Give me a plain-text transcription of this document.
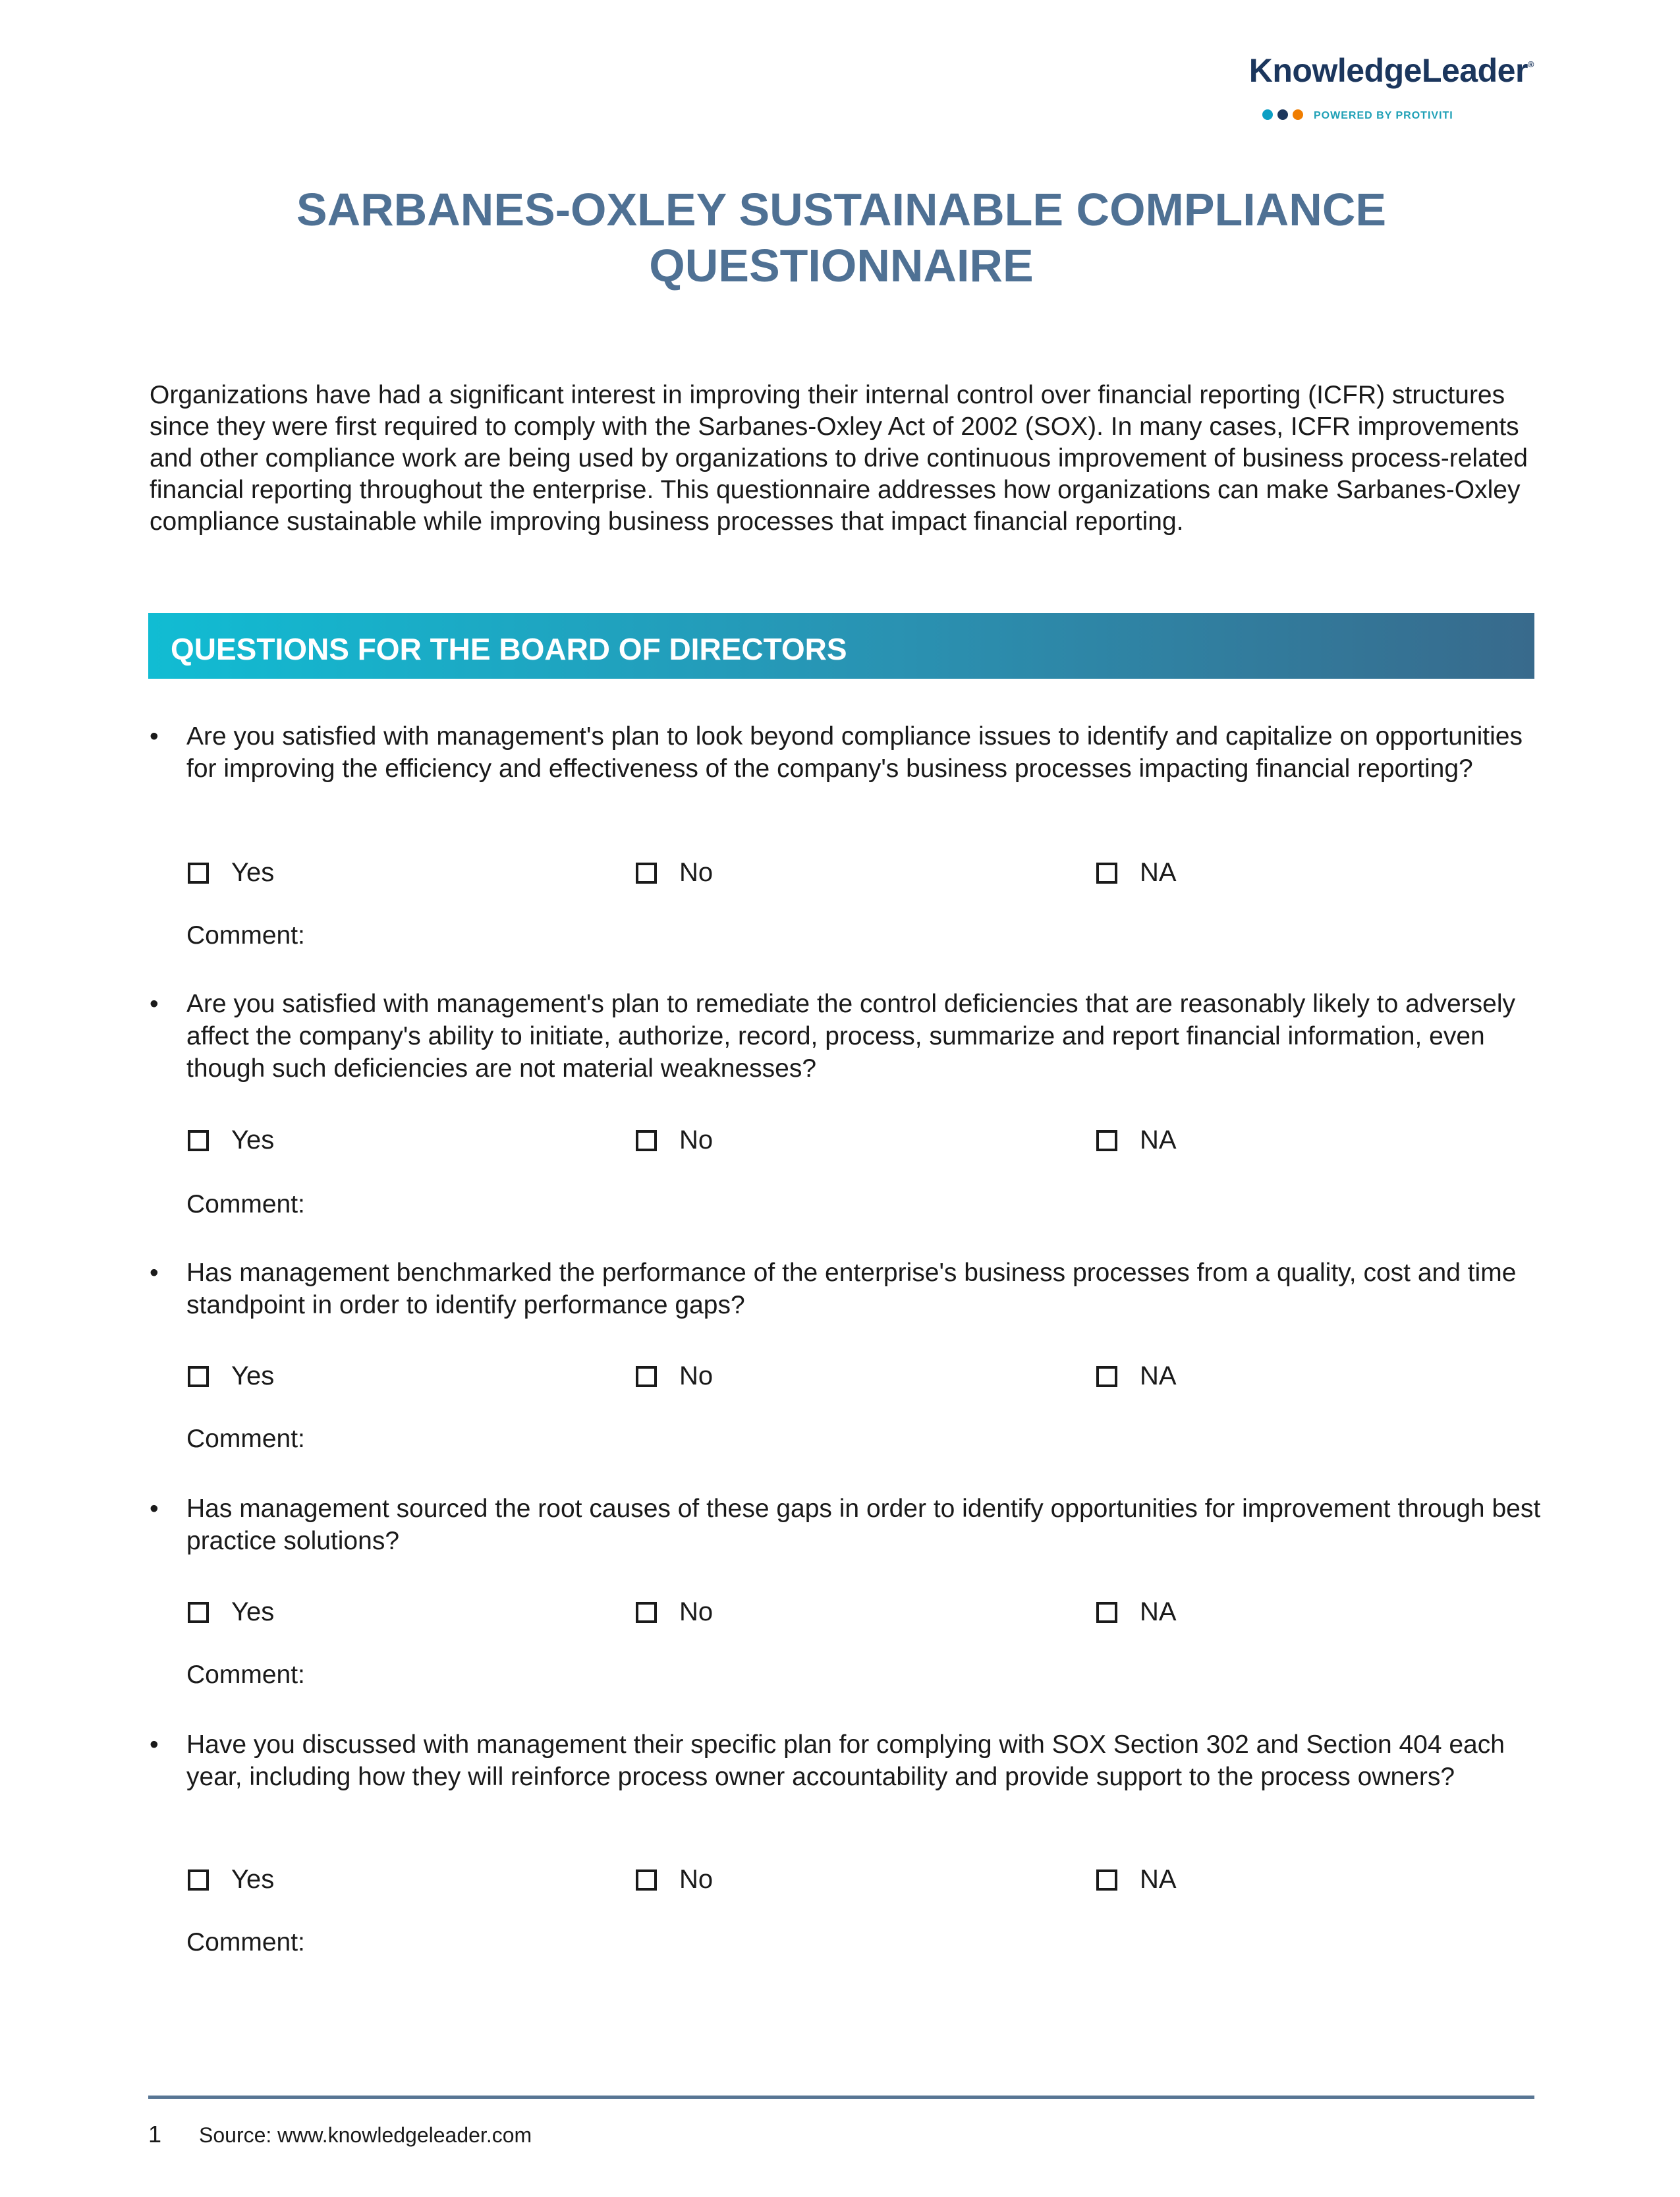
KnowledgeLeader®
POWERED BY PROTIVITI
SARBANES-OXLEY SUSTAINABLE COMPLIANCE QUESTIONNAIRE

Organizations have had a significant interest in improving their internal control over financial reporting (ICFR) structures since they were first required to comply with the Sarbanes-Oxley Act of 2002 (SOX). In many cases, ICFR improvements and other compliance work are being used by organizations to drive continuous improvement of business process-related financial reporting throughout the enterprise. This questionnaire addresses how organizations can make Sarbanes-Oxley compliance sustainable while improving business processes that impact financial reporting.

QUESTIONS FOR THE BOARD OF DIRECTORS
• Are you satisfied with management's plan to look beyond compliance issues to identify and capitalize on opportunities for improving the efficiency and effectiveness of the company's business processes impacting financial reporting?

Yes	No	NA
Comment:
• Are you satisfied with management's plan to remediate the control deficiencies that are reasonably likely to adversely affect the company's ability to initiate, authorize, record, process, summarize and report financial information, even though such deficiencies are not material weaknesses?

Yes	No	NA
Comment:
• Has management benchmarked the performance of the enterprise's business processes from a quality, cost and time standpoint in order to identify performance gaps?

Yes	No	NA
Comment:
• Has management sourced the root causes of these gaps in order to identify opportunities for improvement through best practice solutions?

Yes	No	NA
Comment:
• Have you discussed with management their specific plan for complying with SOX Section 302 and Section 404 each year, including how they will reinforce process owner accountability and provide support to the process owners?

Yes	No	NA
Comment:
1 Source: www.knowledgeleader.com
